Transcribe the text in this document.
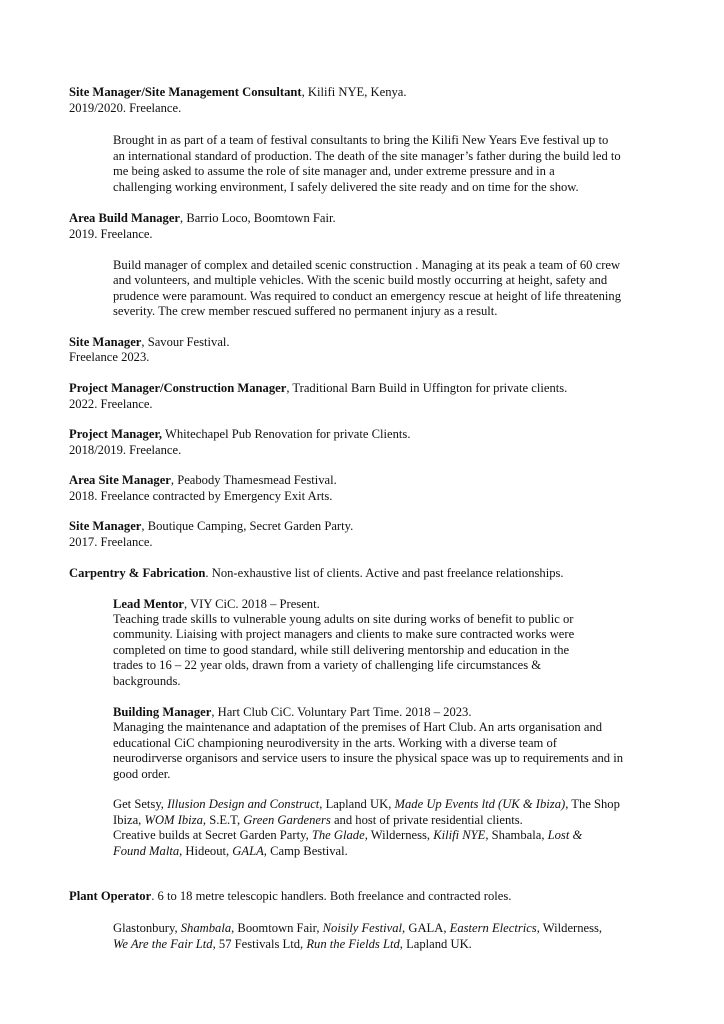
Site Manager/Site Management Consultant, Kilifi NYE, Kenya.
2019/2020. Freelance.
Brought in as part of a team of festival consultants to bring the Kilifi New Years Eve festival up to
an international standard of production. The death of the site manager’s father during the build led to
me being asked to assume the role of site manager and, under extreme pressure and in a
challenging working environment, I safely delivered the site ready and on time for the show.
Area Build Manager, Barrio Loco, Boomtown Fair.
2019. Freelance.
Build manager of complex and detailed scenic construction . Managing at its peak a team of 60 crew
and volunteers, and multiple vehicles. With the scenic build mostly occurring at height, safety and
prudence were paramount. Was required to conduct an emergency rescue at height of life threatening
severity. The crew member rescued suffered no permanent injury as a result.
Site Manager, Savour Festival.
Freelance 2023.
Project Manager/Construction Manager, Traditional Barn Build in Uffington for private clients.
2022. Freelance.
Project Manager, Whitechapel Pub Renovation for private Clients.
2018/2019. Freelance.
Area Site Manager, Peabody Thamesmead Festival.
2018. Freelance contracted by Emergency Exit Arts.
Site Manager, Boutique Camping, Secret Garden Party.
2017. Freelance.
Carpentry & Fabrication. Non-exhaustive list of clients. Active and past freelance relationships.
Lead Mentor, VIY CiC. 2018 – Present.
Teaching trade skills to vulnerable young adults on site during works of benefit to public or
community. Liaising with project managers and clients to make sure contracted works were
completed on time to good standard, while still delivering mentorship and education in the
trades to 16 – 22 year olds, drawn from a variety of challenging life circumstances &
backgrounds.
Building Manager, Hart Club CiC. Voluntary Part Time. 2018 – 2023.
Managing the maintenance and adaptation of the premises of Hart Club. An arts organisation and
educational CiC championing neurodiversity in the arts. Working with a diverse team of
neurodirverse organisors and service users to insure the physical space was up to requirements and in
good order.
Get Setsy, Illusion Design and Construct, Lapland UK, Made Up Events ltd (UK & Ibiza), The Shop
Ibiza, WOM Ibiza, S.E.T, Green Gardeners and host of private residential clients.
Creative builds at Secret Garden Party, The Glade, Wilderness, Kilifi NYE, Shambala, Lost &
Found Malta, Hideout, GALA, Camp Bestival.
Plant Operator. 6 to 18 metre telescopic handlers. Both freelance and contracted roles.
Glastonbury, Shambala, Boomtown Fair, Noisily Festival, GALA, Eastern Electrics, Wilderness,
We Are the Fair Ltd, 57 Festivals Ltd, Run the Fields Ltd, Lapland UK.
